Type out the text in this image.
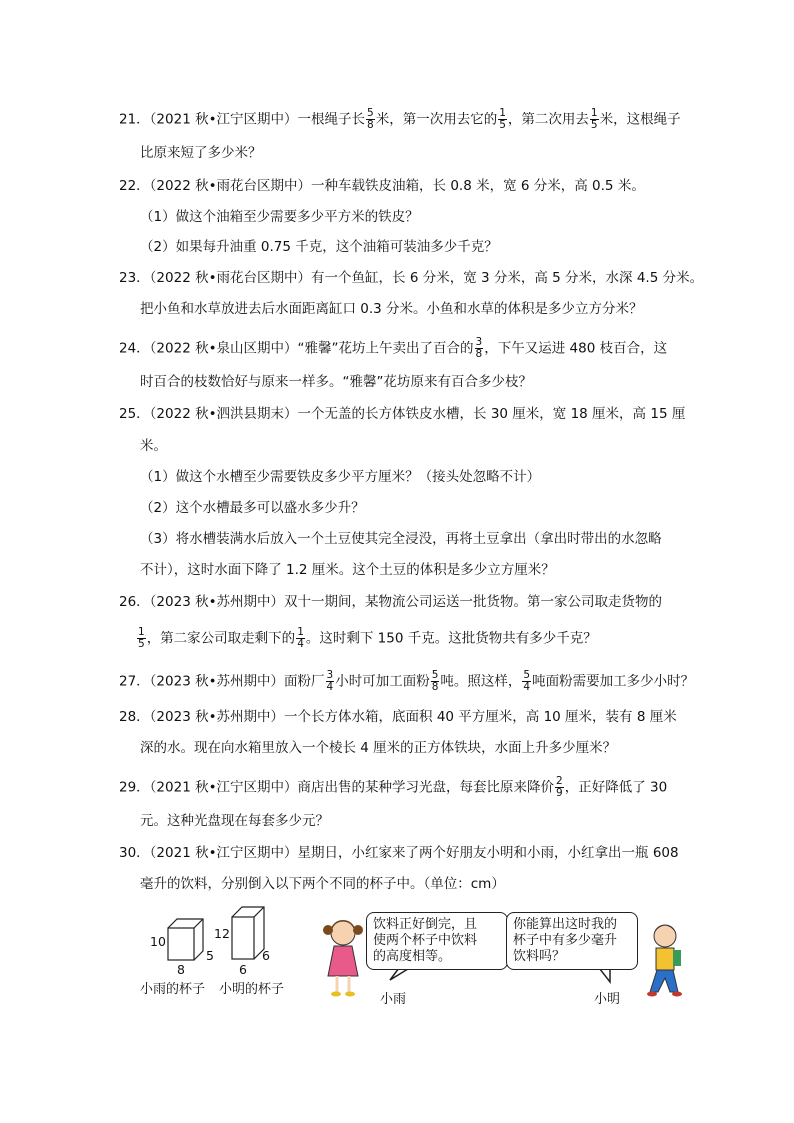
21．（2021 秋•江宁区期中）一根绳子长 $\frac{5}{8}$ 米，第一次用去它的 $\frac{1}{5}$ ，第二次用去 $\frac{1}{5}$ 米，这根绳子
比原来短了多少米？
22．（2022 秋•雨花台区期中）一种车载铁皮油箱，长 0.8 米，宽 6 分米，高 0.5 米。
（1）做这个油箱至少需要多少平方米的铁皮？
（2）如果每升油重 0.75 千克，这个油箱可装油多少千克？
23．（2022 秋•雨花台区期中）有一个鱼缸，长 6 分米，宽 3 分米，高 5 分米，水深 4.5 分米。
把小鱼和水草放进去后水面距离缸口 0.3 分米。小鱼和水草的体积是多少立方分米？
24．（2022 秋•泉山区期中）“雅馨”花坊上午卖出了百合的 $\frac{3}{8}$ ，下午又运进 480 枝百合，这
时百合的枝数恰好与原来一样多。“雅馨”花坊原来有百合多少枝？
25．（2022 秋•泗洪县期末）一个无盖的长方体铁皮水槽，长 30 厘米，宽 18 厘米，高 15 厘
米。
（1）做这个水槽至少需要铁皮多少平方厘米？（接头处忽略不计）
（2）这个水槽最多可以盛水多少升？
（3）将水槽装满水后放入一个土豆使其完全浸没，再将土豆拿出（拿出时带出的水忽略
不计），这时水面下降了 1.2 厘米。这个土豆的体积是多少立方厘米？
26．（2023 秋•苏州期中）双十一期间，某物流公司运送一批货物。第一家公司取走货物的
$\frac{1}{5}$ ，第二家公司取走剩下的 $\frac{1}{4}$ 。这时剩下 150 千克。这批货物共有多少千克？
27．（2023 秋•苏州期中）面粉厂 $\frac{3}{4}$ 小时可加工面粉 $\frac{5}{8}$ 吨。照这样， $\frac{5}{4}$ 吨面粉需要加工多少小时？
28．（2023 秋•苏州期中）一个长方体水箱，底面积 40 平方厘米，高 10 厘米，装有 8 厘米
深的水。现在向水箱里放入一个棱长 4 厘米的正方体铁块，水面上升多少厘米？
29．（2021 秋•江宁区期中）商店出售的某种学习光盘，每套比原来降价 $\frac{2}{9}$ ，正好降低了 30
元。这种光盘现在每套多少元？
30．（2021 秋•江宁区期中）星期日，小红家来了两个好朋友小明和小雨，小红拿出一瓶 608
毫升的饮料，分别倒入以下两个不同的杯子中。（单位：cm）
10
5
8
12
6
6
小雨的杯子 小明的杯子
饮料正好倒完，且
使两个杯子中饮料
的高度相等。
你能算出这时我的
杯子中有多少毫升
饮料吗？
小雨	小明
